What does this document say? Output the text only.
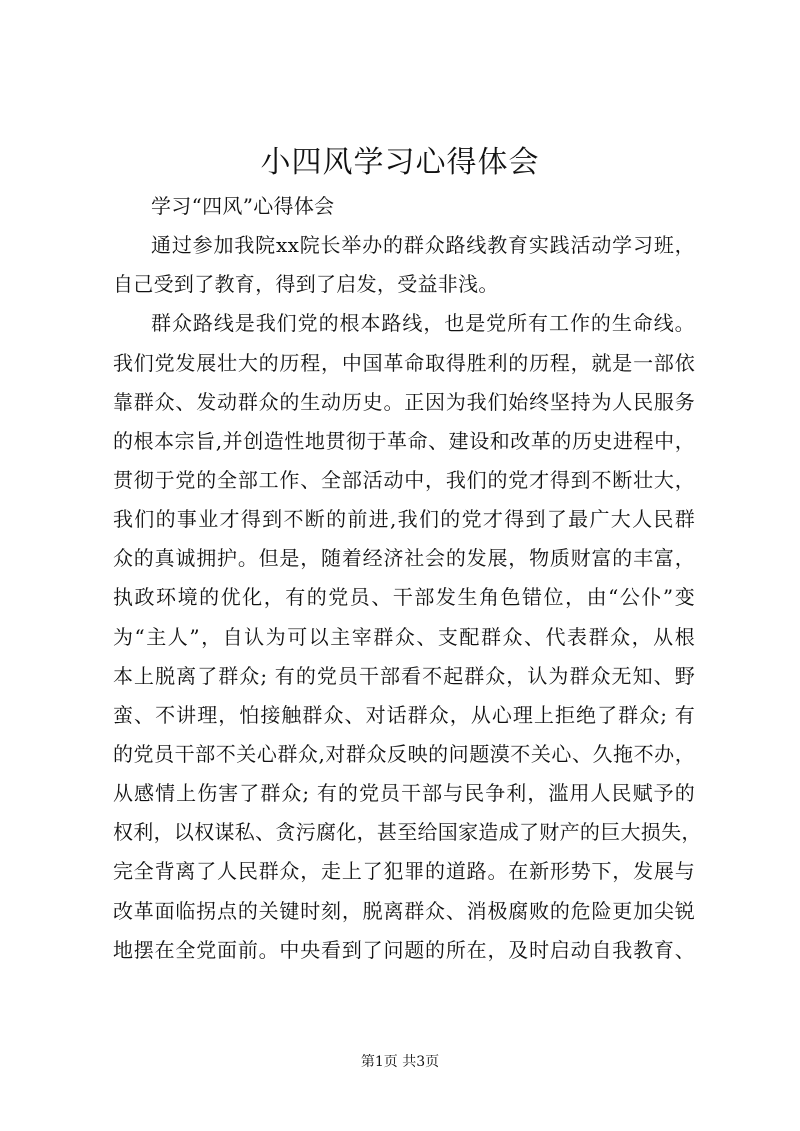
小四风学习心得体会
学习“四风”心得体会
通过参加我院xx院长举办的群众路线教育实践活动学习班，
自己受到了教育，得到了启发，受益非浅。
群众路线是我们党的根本路线，也是党所有工作的生命线。
我们党发展壮大的历程，中国革命取得胜利的历程，就是一部依
靠群众、发动群众的生动历史。正因为我们始终坚持为人民服务
的根本宗旨,并创造性地贯彻于革命、建设和改革的历史进程中，
贯彻于党的全部工作、全部活动中，我们的党才得到不断壮大，
我们的事业才得到不断的前进,我们的党才得到了最广大人民群
众的真诚拥护。但是，随着经济社会的发展，物质财富的丰富，
执政环境的优化，有的党员、干部发生角色错位，由“公仆”变
为“主人”，自认为可以主宰群众、支配群众、代表群众，从根
本上脱离了群众; 有的党员干部看不起群众，认为群众无知、野
蛮、不讲理，怕接触群众、对话群众，从心理上拒绝了群众; 有
的党员干部不关心群众,对群众反映的问题漠不关心、久拖不办，
从感情上伤害了群众; 有的党员干部与民争利，滥用人民赋予的
权利，以权谋私、贪污腐化，甚至给国家造成了财产的巨大损失，
完全背离了人民群众，走上了犯罪的道路。在新形势下，发展与
改革面临拐点的关键时刻，脱离群众、消极腐败的危险更加尖锐
地摆在全党面前。中央看到了问题的所在，及时启动自我教育、
第1页 共3页
